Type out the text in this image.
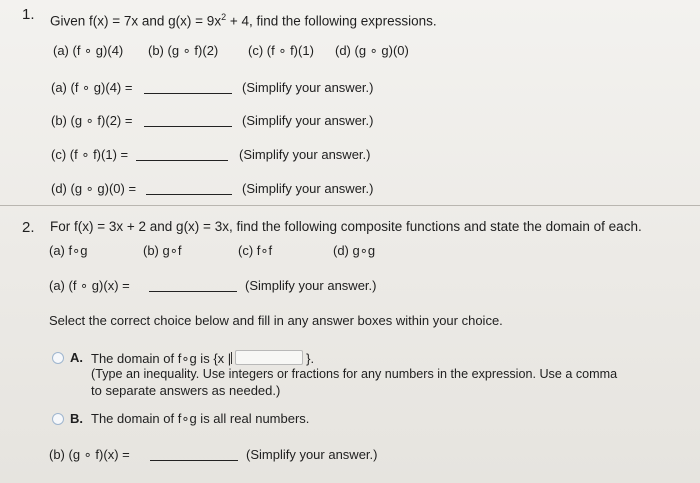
1. Given f(x) = 7x and $g(x) = 9x^2 + 4$, find the following expressions.
(a) (f ∘ g)(4) (b) (g ∘ f)(2) (c) (f ∘ f)(1) (d) (g ∘ g)(0)
(a) (f ∘ g)(4) =	(Simplify your answer.)
(b) (g ∘ f)(2) =	(Simplify your answer.)
(c) (f ∘ f)(1) =	(Simplify your answer.)
(d) (g ∘ g)(0) =	(Simplify your answer.)
2. For f(x) = 3x + 2 and g(x) = 3x, find the following composite functions and state the domain of each.
(a) f∘g	(b) g∘f	(c) f∘f	(d) g∘g
(a) (f ∘ g)(x) =	(Simplify your answer.)
Select the correct choice below and fill in any answer boxes within your choice.
A. The domain of f∘g is {x |	}.
(Type an inequality. Use integers or fractions for any numbers in the expression. Use a comma
to separate answers as needed.)
B. The domain of f∘g is all real numbers.
(b) (g ∘ f)(x) =	(Simplify your answer.)
